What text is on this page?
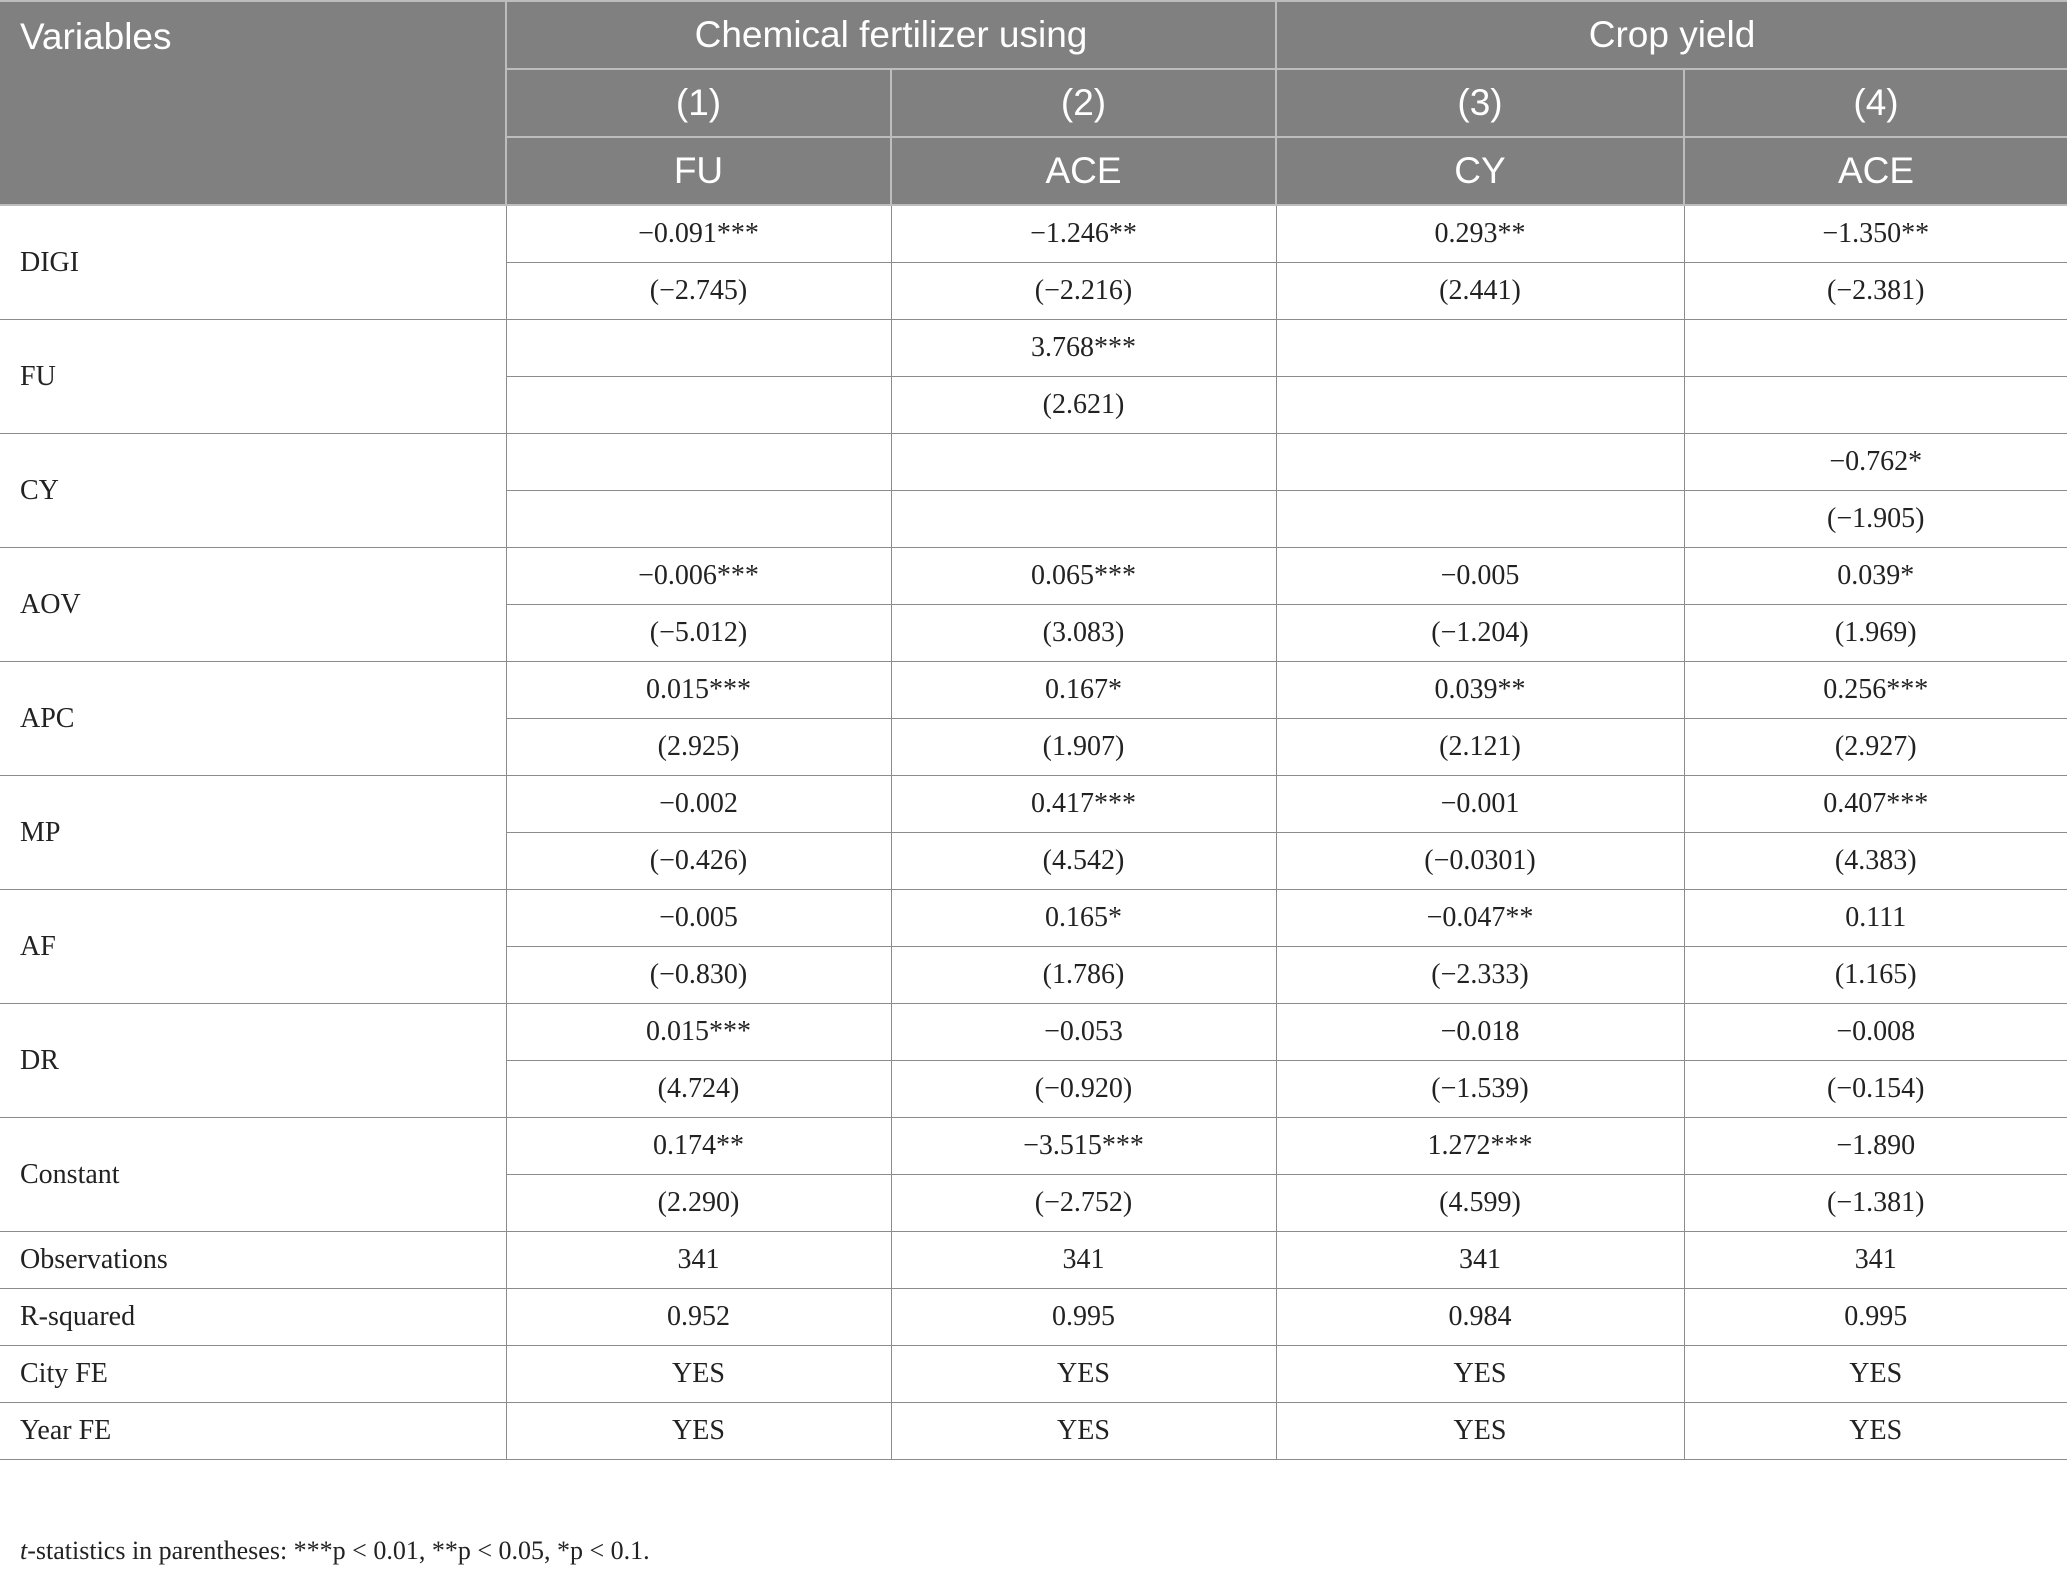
Variables	Chemical fertilizer using		Crop yield	
	(1)	(2)	(3)	(4)
	FU	ACE	CY	ACE
DIGI	−0.091***	−1.246**	0.293**	−1.350**
	(−2.745)	(−2.216)	(2.441)	(−2.381)
FU		3.768***		
		(2.621)		
CY				−0.762*
				(−1.905)
AOV	−0.006***	0.065***	−0.005	0.039*
	(−5.012)	(3.083)	(−1.204)	(1.969)
APC	0.015***	0.167*	0.039**	0.256***
	(2.925)	(1.907)	(2.121)	(2.927)
MP	−0.002	0.417***	−0.001	0.407***
	(−0.426)	(4.542)	(−0.0301)	(4.383)
AF	−0.005	0.165*	−0.047**	0.111
	(−0.830)	(1.786)	(−2.333)	(1.165)
DR	0.015***	−0.053	−0.018	−0.008
	(4.724)	(−0.920)	(−1.539)	(−0.154)
Constant	0.174**	−3.515***	1.272***	−1.890
	(2.290)	(−2.752)	(4.599)	(−1.381)
Observations	341	341	341	341
R-squared	0.952	0.995	0.984	0.995
City FE	YES	YES	YES	YES
Year FE	YES	YES	YES	YES
t-statistics in parentheses: ***p < 0.01, **p < 0.05, *p < 0.1.
